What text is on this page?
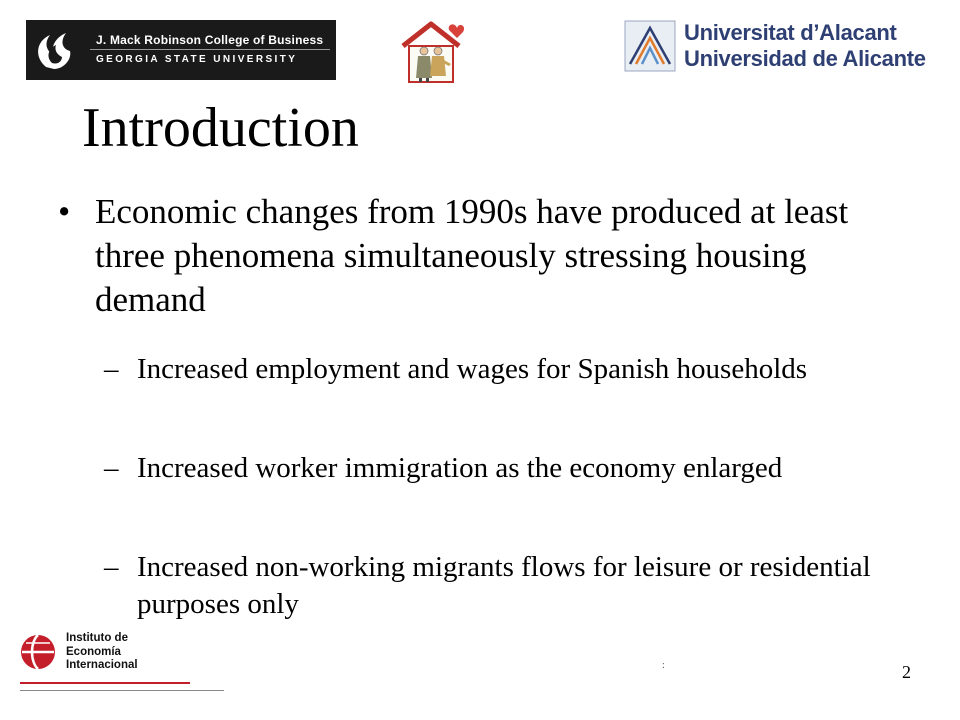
J. Mack Robinson College of Business
GEORGIA STATE UNIVERSITY
Universitat d’Alacant
Universidad de Alicante
Introduction
• Economic changes from 1990s have produced at least three phenomena simultaneously stressing housing demand
– Increased employment and wages for Spanish households
– Increased worker immigration as the economy enlarged
– Increased non-working migrants flows for leisure or residential purposes only
Instituto de
Economía
Internacional	:	2
